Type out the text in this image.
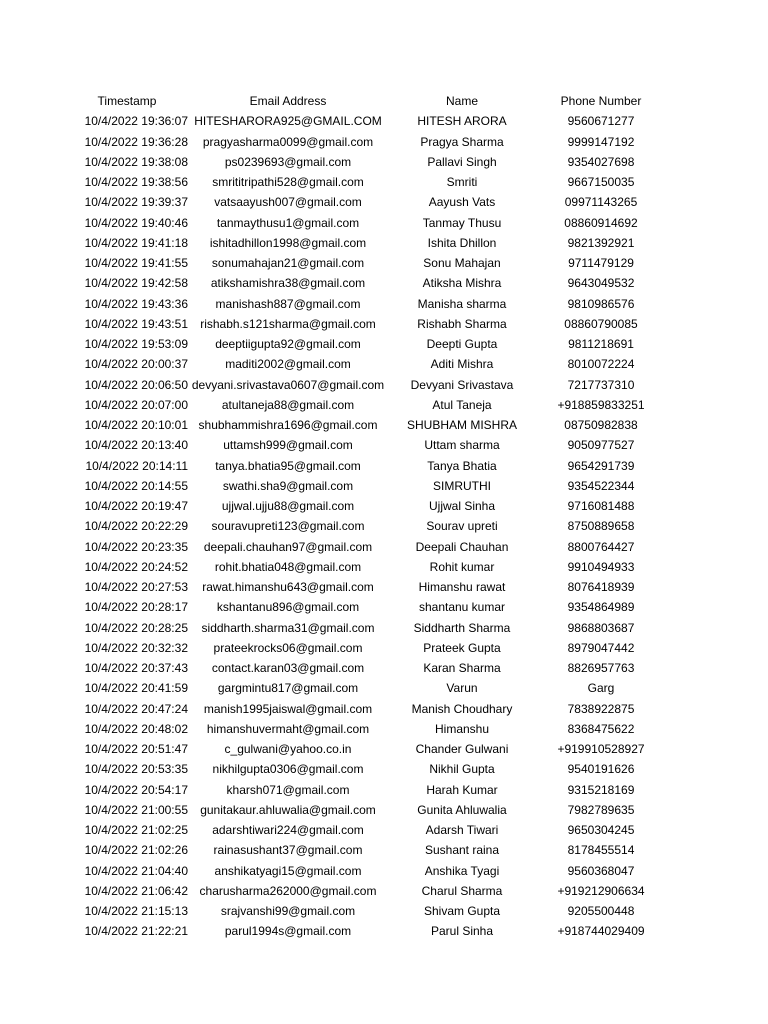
Timestamp	Email Address	Name	Phone Number
10/4/2022 19:36:07	HITESHARORA925@GMAIL.COM	HITESH ARORA	9560671277
10/4/2022 19:36:28	pragyasharma0099@gmail.com	Pragya Sharma	9999147192
10/4/2022 19:38:08	ps0239693@gmail.com	Pallavi Singh	9354027698
10/4/2022 19:38:56	smrititripathi528@gmail.com	Smriti	9667150035
10/4/2022 19:39:37	vatsaayush007@gmail.com	Aayush Vats	09971143265
10/4/2022 19:40:46	tanmaythusu1@gmail.com	Tanmay Thusu	08860914692
10/4/2022 19:41:18	ishitadhillon1998@gmail.com	Ishita Dhillon	9821392921
10/4/2022 19:41:55	sonumahajan21@gmail.com	Sonu Mahajan	9711479129
10/4/2022 19:42:58	atikshamishra38@gmail.com	Atiksha Mishra	9643049532
10/4/2022 19:43:36	manishash887@gmail.com	Manisha sharma	9810986576
10/4/2022 19:43:51	rishabh.s121sharma@gmail.com	Rishabh Sharma	08860790085
10/4/2022 19:53:09	deeptiigupta92@gmail.com	Deepti Gupta	9811218691
10/4/2022 20:00:37	maditi2002@gmail.com	Aditi Mishra	8010072224
10/4/2022 20:06:50	devyani.srivastava0607@gmail.com	Devyani Srivastava	7217737310
10/4/2022 20:07:00	atultaneja88@gmail.com	Atul Taneja	+918859833251
10/4/2022 20:10:01	shubhammishra1696@gmail.com	SHUBHAM MISHRA	08750982838
10/4/2022 20:13:40	uttamsh999@gmail.com	Uttam sharma	9050977527
10/4/2022 20:14:11	tanya.bhatia95@gmail.com	Tanya Bhatia	9654291739
10/4/2022 20:14:55	swathi.sha9@gmail.com	SIMRUTHI	9354522344
10/4/2022 20:19:47	ujjwal.ujju88@gmail.com	Ujjwal Sinha	9716081488
10/4/2022 20:22:29	souravupreti123@gmail.com	Sourav upreti	8750889658
10/4/2022 20:23:35	deepali.chauhan97@gmail.com	Deepali Chauhan	8800764427
10/4/2022 20:24:52	rohit.bhatia048@gmail.com	Rohit kumar	9910494933
10/4/2022 20:27:53	rawat.himanshu643@gmail.com	Himanshu rawat	8076418939
10/4/2022 20:28:17	kshantanu896@gmail.com	shantanu kumar	9354864989
10/4/2022 20:28:25	siddharth.sharma31@gmail.com	Siddharth Sharma	9868803687
10/4/2022 20:32:32	prateekrocks06@gmail.com	Prateek Gupta	8979047442
10/4/2022 20:37:43	contact.karan03@gmail.com	Karan Sharma	8826957763
10/4/2022 20:41:59	gargmintu817@gmail.com	Varun	Garg
10/4/2022 20:47:24	manish1995jaiswal@gmail.com	Manish Choudhary	7838922875
10/4/2022 20:48:02	himanshuvermaht@gmail.com	Himanshu	8368475622
10/4/2022 20:51:47	c_gulwani@yahoo.co.in	Chander Gulwani	+919910528927
10/4/2022 20:53:35	nikhilgupta0306@gmail.com	Nikhil Gupta	9540191626
10/4/2022 20:54:17	kharsh071@gmail.com	Harah Kumar	9315218169
10/4/2022 21:00:55	gunitakaur.ahluwalia@gmail.com	Gunita Ahluwalia	7982789635
10/4/2022 21:02:25	adarshtiwari224@gmail.com	Adarsh Tiwari	9650304245
10/4/2022 21:02:26	rainasushant37@gmail.com	Sushant raina	8178455514
10/4/2022 21:04:40	anshikatyagi15@gmail.com	Anshika Tyagi	9560368047
10/4/2022 21:06:42	charusharma262000@gmail.com	Charul Sharma	+919212906634
10/4/2022 21:15:13	srajvanshi99@gmail.com	Shivam Gupta	9205500448
10/4/2022 21:22:21	parul1994s@gmail.com	Parul Sinha	+918744029409
